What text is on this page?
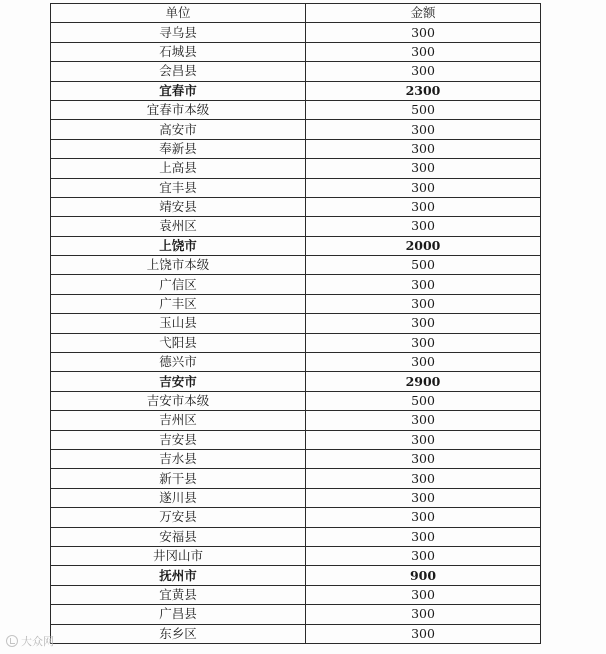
单位	金额
寻乌县	300
石城县	300
会昌县	300
宜春市	2300
宜春市本级	500
高安市	300
奉新县	300
上高县	300
宜丰县	300
靖安县	300
袁州区	300
上饶市	2000
上饶市本级	500
广信区	300
广丰区	300
玉山县	300
弋阳县	300
德兴市	300
吉安市	2900
吉安市本级	500
吉州区	300
吉安县	300
吉水县	300
新干县	300
遂川县	300
万安县	300
安福县	300
井冈山市	300
抚州市	900
宜黄县	300
广昌县	300
东乡区	300
大众网
